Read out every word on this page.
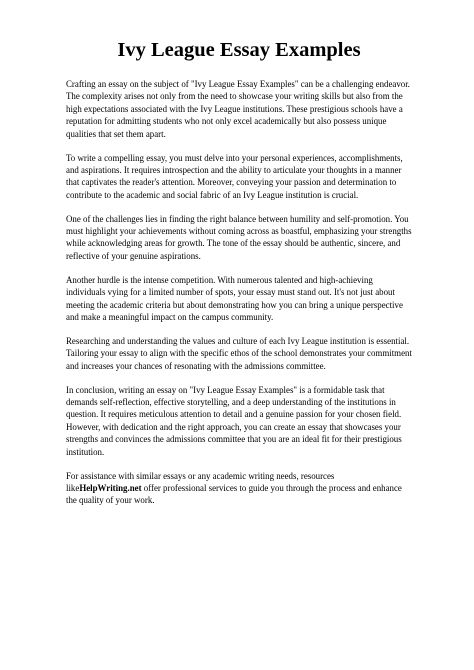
Ivy League Essay Examples

Crafting an essay on the subject of "Ivy League Essay Examples" can be a challenging endeavor. The complexity arises not only from the need to showcase your writing skills but also from the high expectations associated with the Ivy League institutions. These prestigious schools have a reputation for admitting students who not only excel academically but also possess unique qualities that set them apart.

To write a compelling essay, you must delve into your personal experiences, accomplishments, and aspirations. It requires introspection and the ability to articulate your thoughts in a manner that captivates the reader's attention. Moreover, conveying your passion and determination to contribute to the academic and social fabric of an Ivy League institution is crucial.

One of the challenges lies in finding the right balance between humility and self-promotion. You must highlight your achievements without coming across as boastful, emphasizing your strengths while acknowledging areas for growth. The tone of the essay should be authentic, sincere, and reflective of your genuine aspirations.

Another hurdle is the intense competition. With numerous talented and high-achieving individuals vying for a limited number of spots, your essay must stand out. It's not just about meeting the academic criteria but about demonstrating how you can bring a unique perspective and make a meaningful impact on the campus community.

Researching and understanding the values and culture of each Ivy League institution is essential. Tailoring your essay to align with the specific ethos of the school demonstrates your commitment and increases your chances of resonating with the admissions committee.

In conclusion, writing an essay on "Ivy League Essay Examples" is a formidable task that demands self-reflection, effective storytelling, and a deep understanding of the institutions in question. It requires meticulous attention to detail and a genuine passion for your chosen field. However, with dedication and the right approach, you can create an essay that showcases your strengths and convinces the admissions committee that you are an ideal fit for their prestigious institution.

For assistance with similar essays or any academic writing needs, resources likeHelpWriting.net offer professional services to guide you through the process and enhance the quality of your work.
